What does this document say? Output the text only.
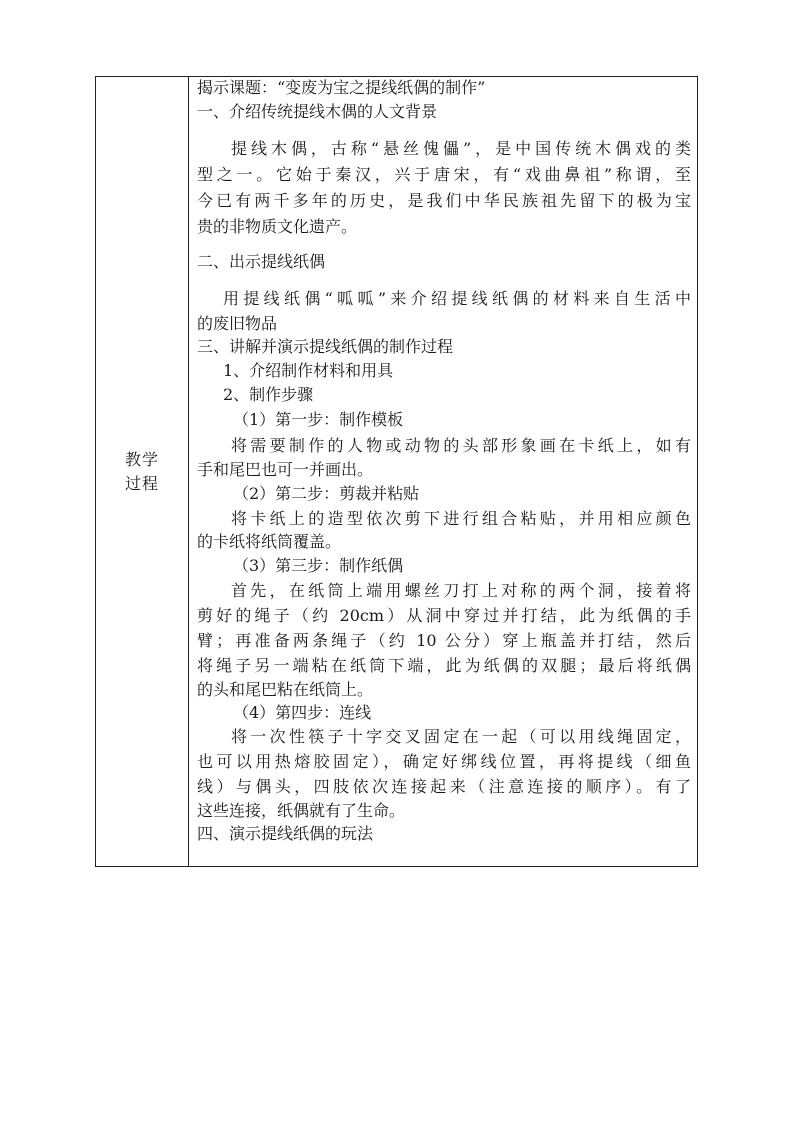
教学
过程
揭示课题：“变废为宝之提线纸偶的制作”
一、介绍传统提线木偶的人文背景
提线木偶，古称“悬丝傀儡”，是中国传统木偶戏的类
型之一。它始于秦汉，兴于唐宋，有“戏曲鼻祖”称谓，至
今已有两千多年的历史，是我们中华民族祖先留下的极为宝
贵的非物质文化遗产。
二、出示提线纸偶
用提线纸偶“呱呱”来介绍提线纸偶的材料来自生活中
的废旧物品
三、讲解并演示提线纸偶的制作过程
1、介绍制作材料和用具
2、制作步骤
（1）第一步：制作模板
将需要制作的人物或动物的头部形象画在卡纸上，如有
手和尾巴也可一并画出。
（2）第二步：剪裁并粘贴
将卡纸上的造型依次剪下进行组合粘贴，并用相应颜色
的卡纸将纸筒覆盖。
（3）第三步：制作纸偶
首先，在纸筒上端用螺丝刀打上对称的两个洞，接着将
剪好的绳子（约 20cm）从洞中穿过并打结，此为纸偶的手
臂；再准备两条绳子（约 10 公分）穿上瓶盖并打结，然后
将绳子另一端粘在纸筒下端，此为纸偶的双腿；最后将纸偶
的头和尾巴粘在纸筒上。
（4）第四步：连线
将一次性筷子十字交叉固定在一起（可以用线绳固定，
也可以用热熔胶固定），确定好绑线位置，再将提线（细鱼
线）与偶头，四肢依次连接起来（注意连接的顺序）。有了
这些连接，纸偶就有了生命。
四、演示提线纸偶的玩法
